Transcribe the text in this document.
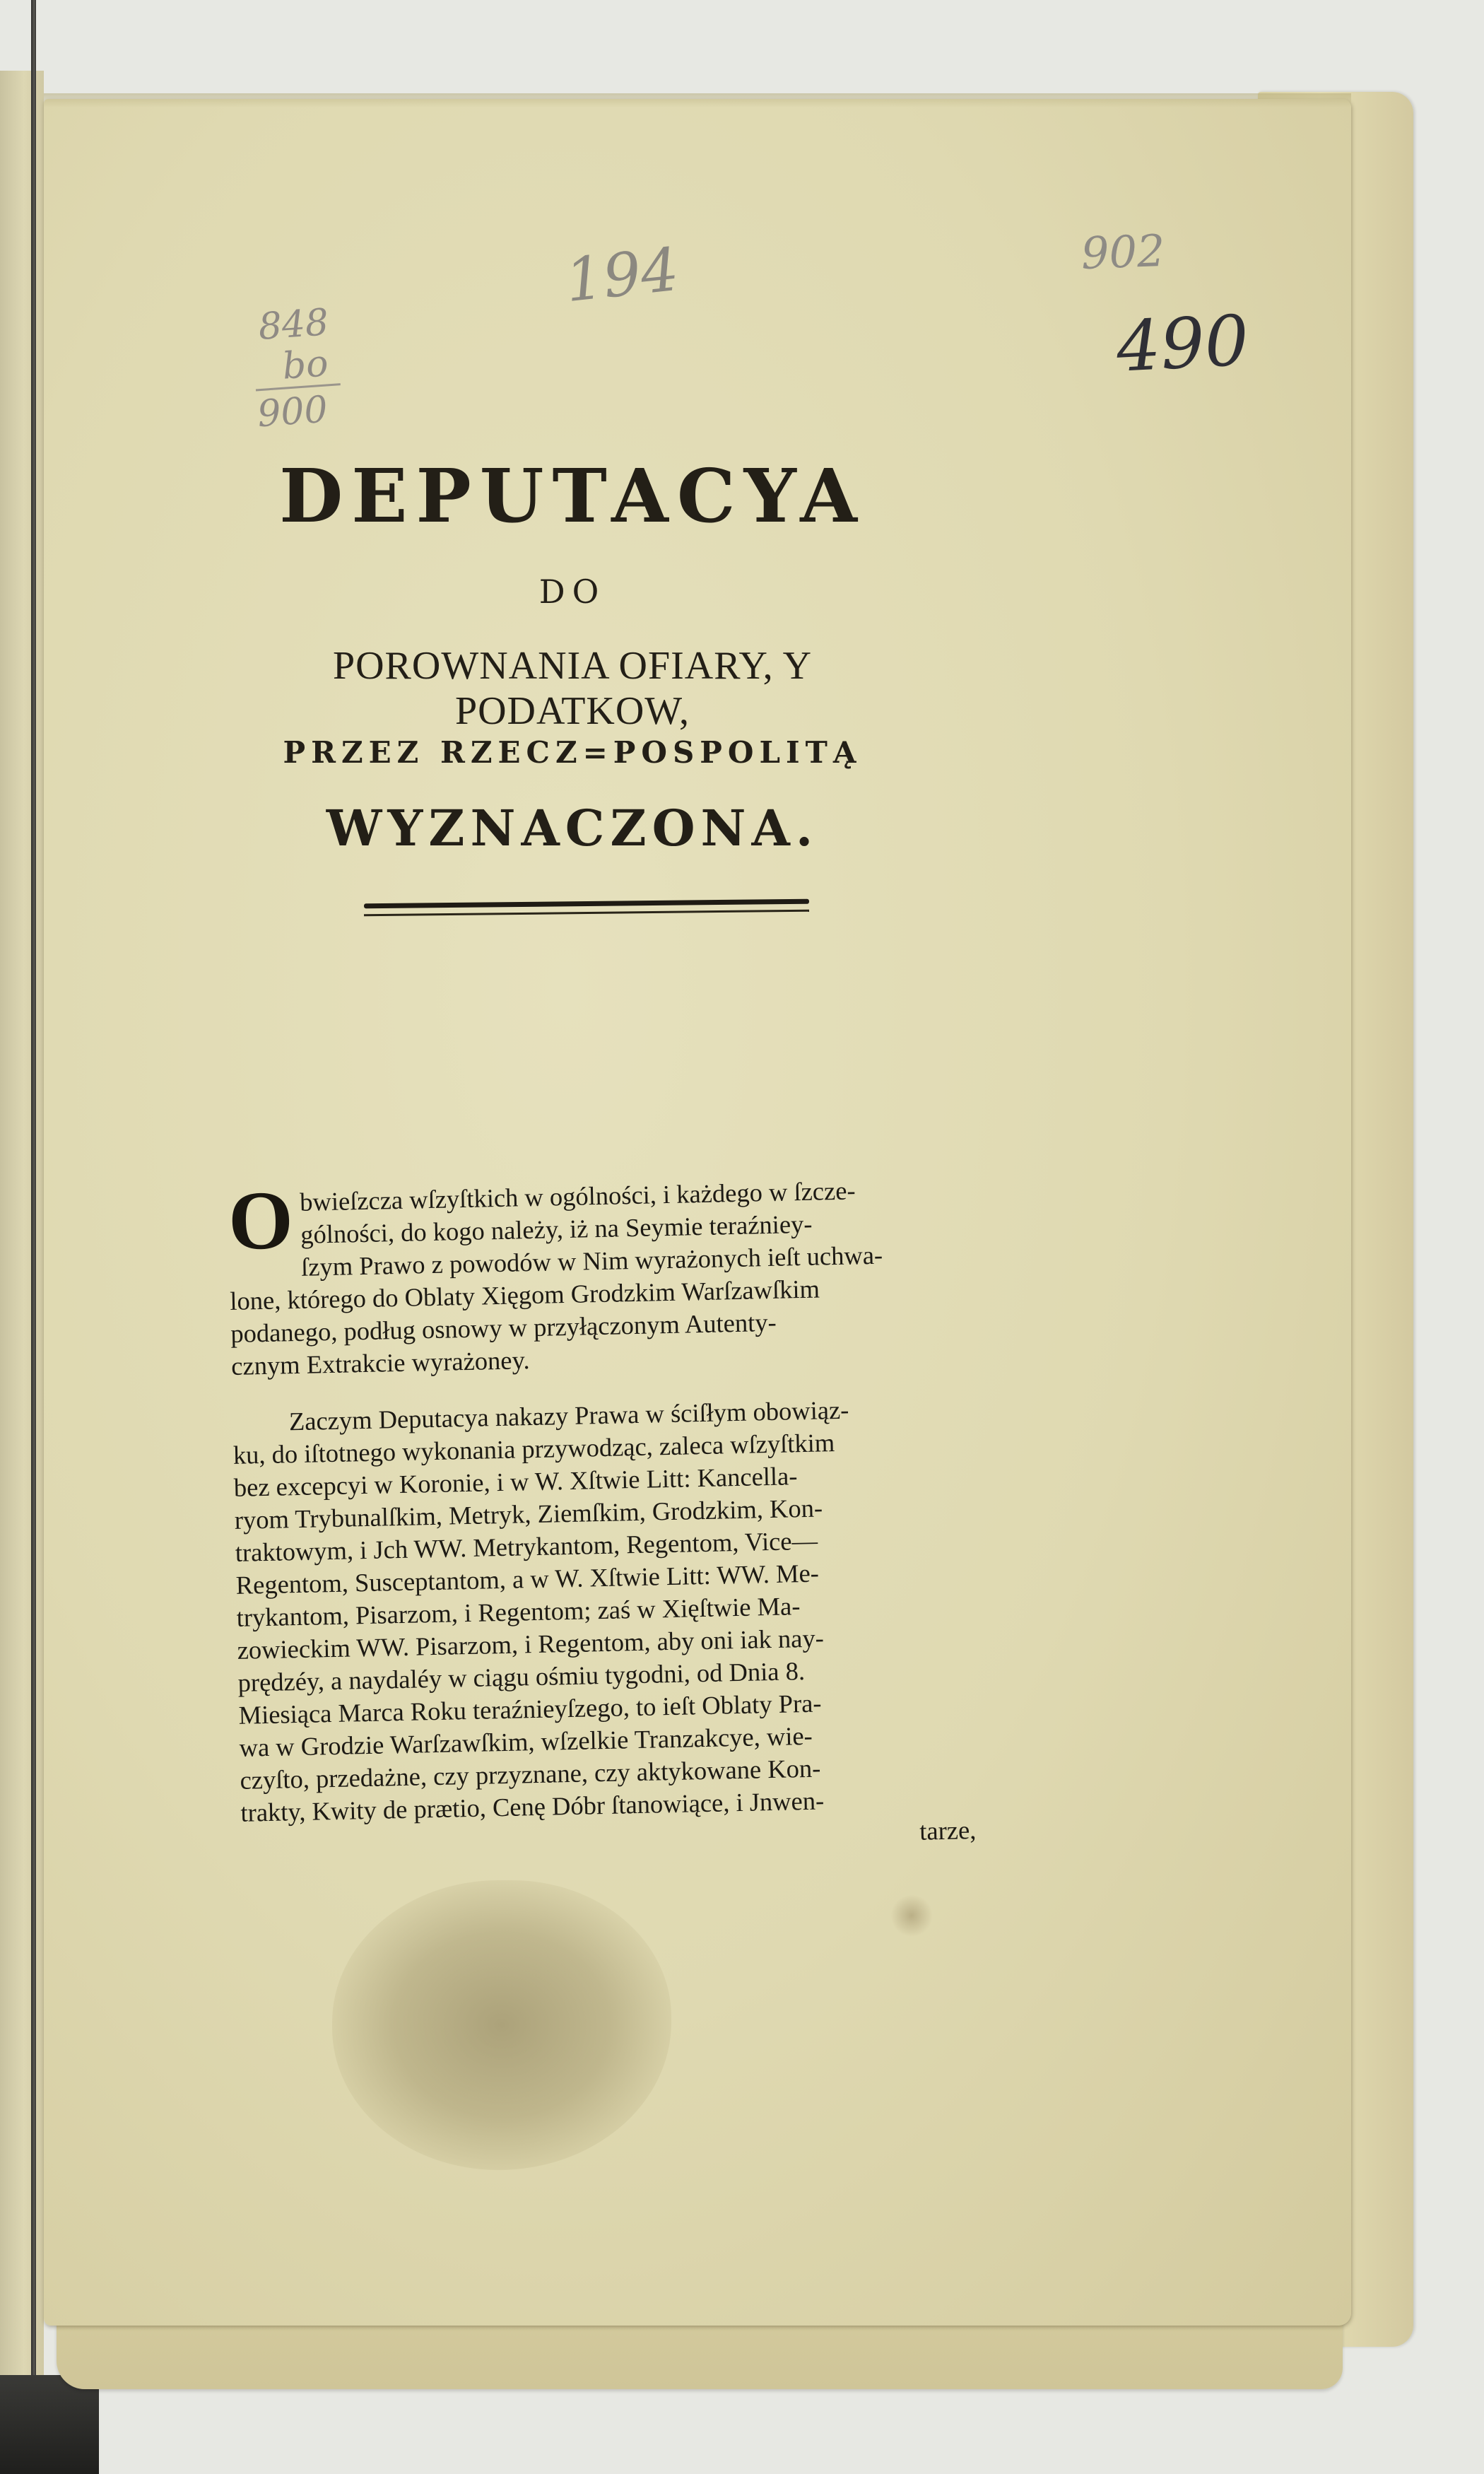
194	902
490
848
bo
900
DEPUTACYA
DO
POROWNANIA OFIARY, Y PODATKOW,
PRZEZ RZECZ=POSPOLITĄ
WYZNACZONA.

O bwieſzcza wſzyſtkich w ogólności, i każdego w ſzcze-
gólności, do kogo należy, iż na Seymie teraźniey-
ſzym Prawo z powodów w Nim wyrażonych ieſt uchwa-
lone, którego do Oblaty Xięgom Grodzkim Warſzawſkim
podanego, podług osnowy w przyłączonym Autenty-
cznym Extrakcie wyrażoney.

Zaczym Deputacya nakazy Prawa w ściſłym obowiąz-
ku, do iſtotnego wykonania przywodząc, zaleca wſzyſtkim
bez excepcyi w Koronie, i w W. Xſtwie Litt: Kancella-
ryom Trybunalſkim, Metryk, Ziemſkim, Grodzkim, Kon-
traktowym, i Jch WW. Metrykantom, Regentom, Vice—
Regentom, Susceptantom, a w W. Xſtwie Litt: WW. Me-
trykantom, Pisarzom, i Regentom; zaś w Xięſtwie Ma-
zowieckim WW. Pisarzom, i Regentom, aby oni iak nay-
prędzéy, a naydaléy w ciągu ośmiu tygodni, od Dnia 8.
Miesiąca Marca Roku teraźnieyſzego, to ieſt Oblaty Pra-
wa w Grodzie Warſzawſkim, wſzelkie Tranzakcye, wie-
czyſto, przedażne, czy przyznane, czy aktykowane Kon-
trakty, Kwity de prætio, Cenę Dóbr ſtanowiące, i Jnwen-
tarze,
